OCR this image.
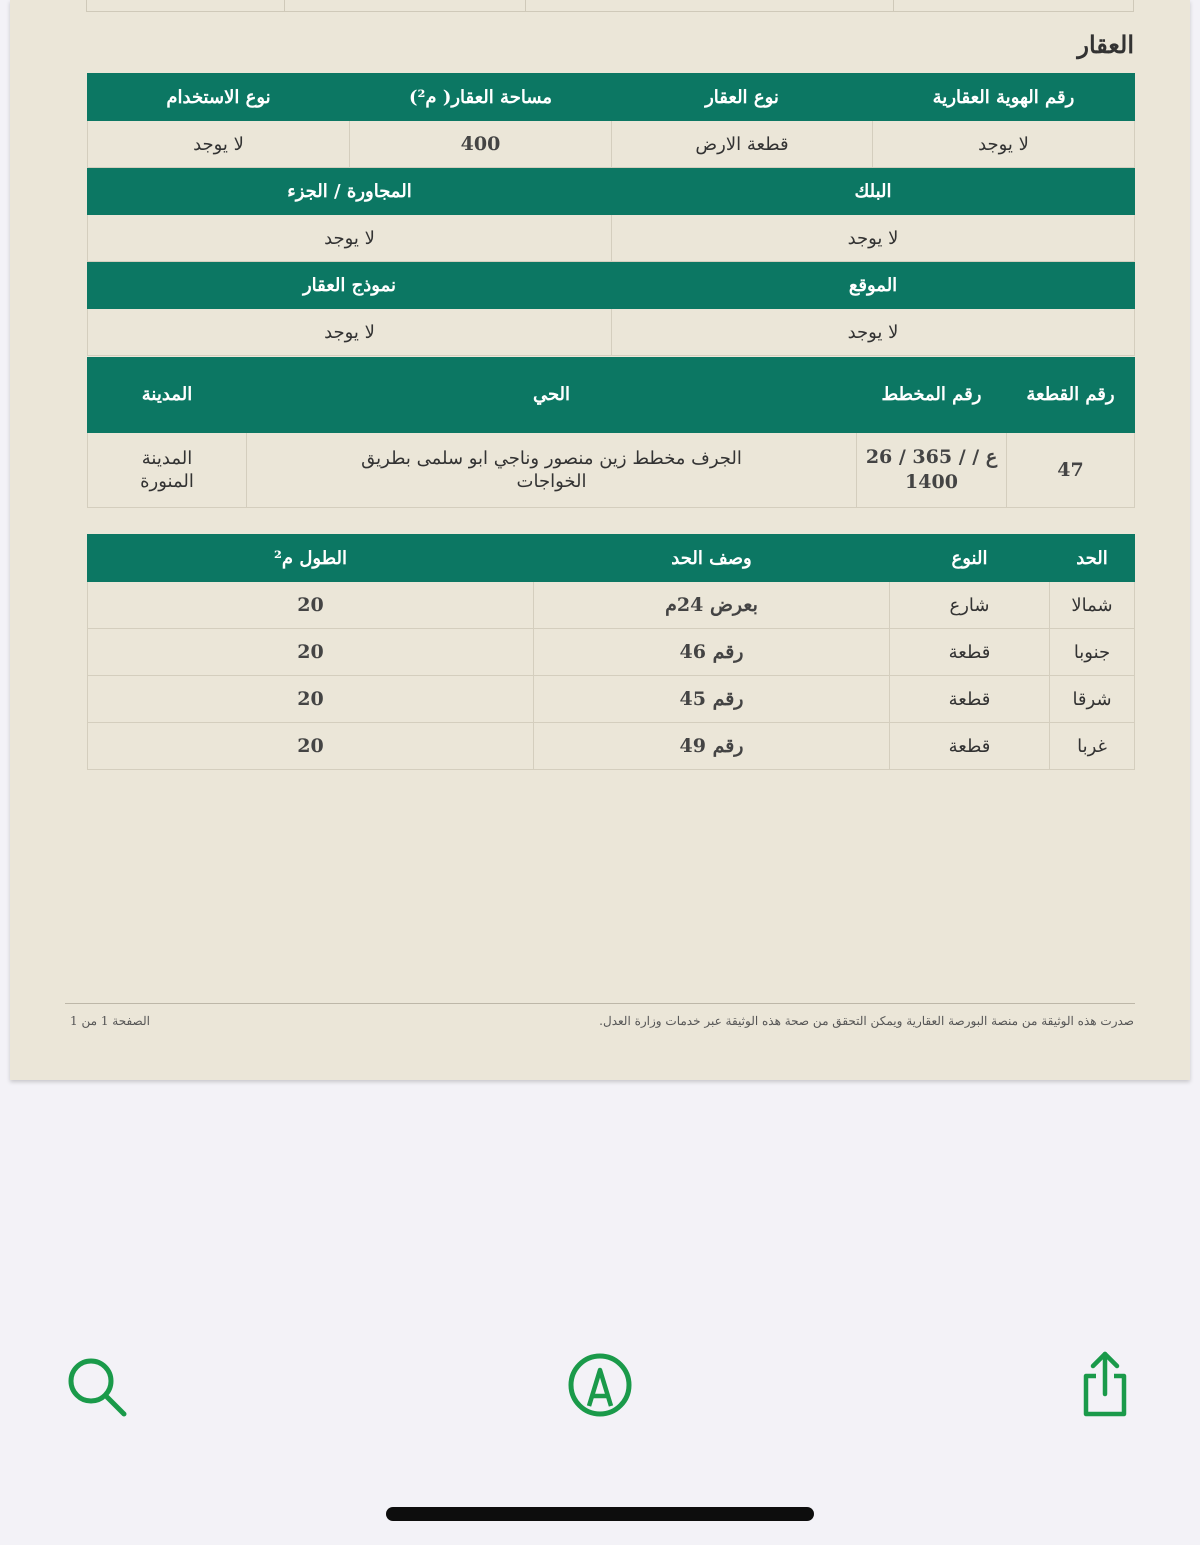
العقار
رقم الهوية العقارية	نوع العقار	مساحة العقار( م²)	نوع الاستخدام
لا يوجد	قطعة الارض	400	لا يوجد
البلك		المجاورة / الجزء	
لا يوجد		لا يوجد	
الموقع		نموذج العقار	
لا يوجد		لا يوجد	
رقم القطعة	رقم المخطط	الحي	المدينة
47	26 / 365 / ع / 1400	الجرف مخطط زين منصور وناجي ابو سلمى بطريق الخواجات	المدينة المنورة
الحد	النوع	وصف الحد	الطول م²
شمالا	شارع	بعرض 24م	20
جنوبا	قطعة	رقم 46	20
شرقا	قطعة	رقم 45	20
غربا	قطعة	رقم 49	20
صدرت هذه الوثيقة من منصة البورصة العقارية ويمكن التحقق من صحة هذه الوثيقة عبر خدمات وزارة العدل.
الصفحة 1 من 1
